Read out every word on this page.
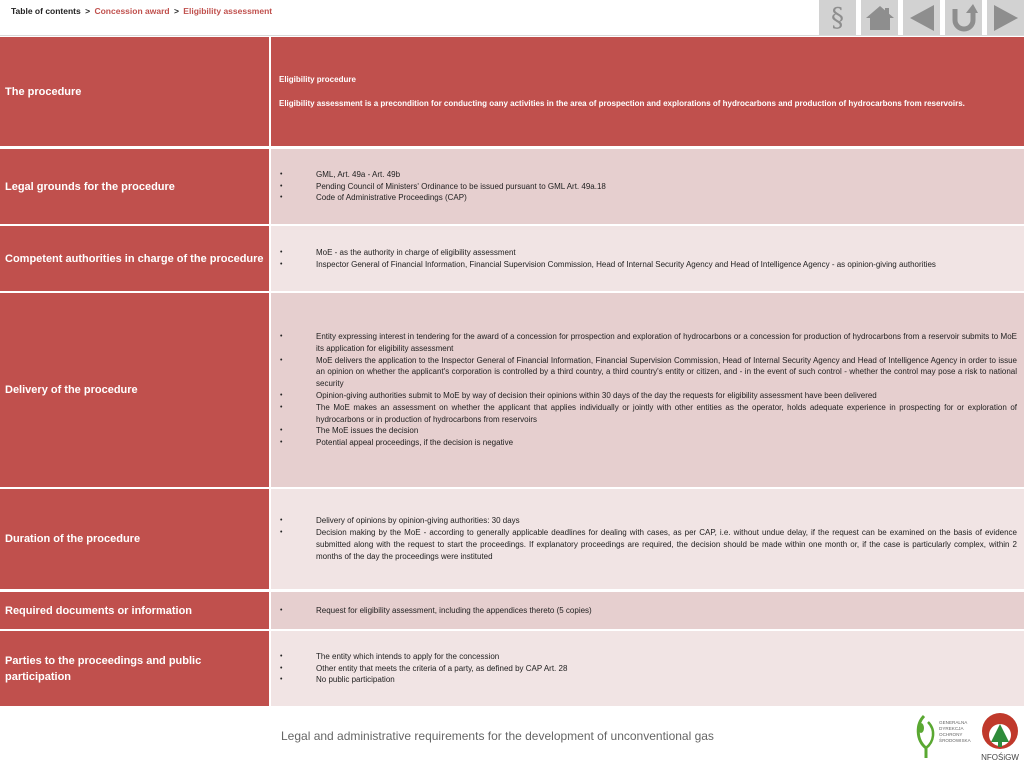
Table of contents > Concession award > Eligibility assessment	§
The procedure
Eligibility procedure
Eligibility assessment is a precondition for conducting oany activities in the area of prospection and explorations of hydrocarbons and production of hydrocarbons from reservoirs.
Legal grounds for the procedure
• GML, Art. 49a - Art. 49b
• Pending Council of Ministers' Ordinance to be issued pursuant to GML Art. 49a.18
• Code of Administrative Proceedings (CAP)
Competent authorities in charge of the procedure
• MoE - as the authority in charge of eligibility assessment
• Inspector General of Financial Information, Financial Supervision Commission, Head of Internal Security Agency and Head of Intelligence Agency - as opinion-giving authorities
Delivery of the procedure
• Entity expressing interest in tendering for the award of a concession for prrospection and exploration of hydrocarbons or a concession for production of hydrocarbons from a reservoir submits to MoE its application for eligibility assessment
• MoE delivers the application to the Inspector General of Financial Information, Financial Supervision Commission, Head of Internal Security Agency and Head of Intelligence Agency in order to issue an opinion on whether the applicant's corporation is controlled by a third country, a third country's entity or citizen, and - in the event of such control - whether the control may pose a risk to national security
• Opinion-giving authorities submit to MoE by way of decision their opinions within 30 days of the day the requests for eligibility assessment have been delivered
• The MoE makes an assessment on whether the applicant that applies individually or jointly with other entities as the operator, holds adequate experience in prospecting for or exploration of hydrocarbons or in production of hydrocarbons from reservoirs
• The MoE issues the decision
• Potential appeal proceedings, if the decision is negative
Duration of the procedure
• Delivery of opinions by opinion-giving authorities: 30 days
• Decision making by the MoE - according to generally applicable deadlines for dealing with cases, as per CAP, i.e. without undue delay, if the request can be examined on the basis of evidence submitted along with the request to start the proceedings. If explanatory proceedings are required, the decision should be made within one month or, if the case is particularly complex, within 2 months of the day the proceedings were instituted
Required documents or information
•	Request for eligibility assessment, including the appendices thereto (5 copies)
Parties to the proceedings and public participation
• The entity which intends to apply for the concession
• Other entity that meets the criteria of a party, as defined by CAP Art. 28
• No public participation
Legal and administrative requirements for the development of unconventional gas
GENERALNA
DYREKCJA
OCHRONY
ŚRODOWISKA
NFOŚiGW
